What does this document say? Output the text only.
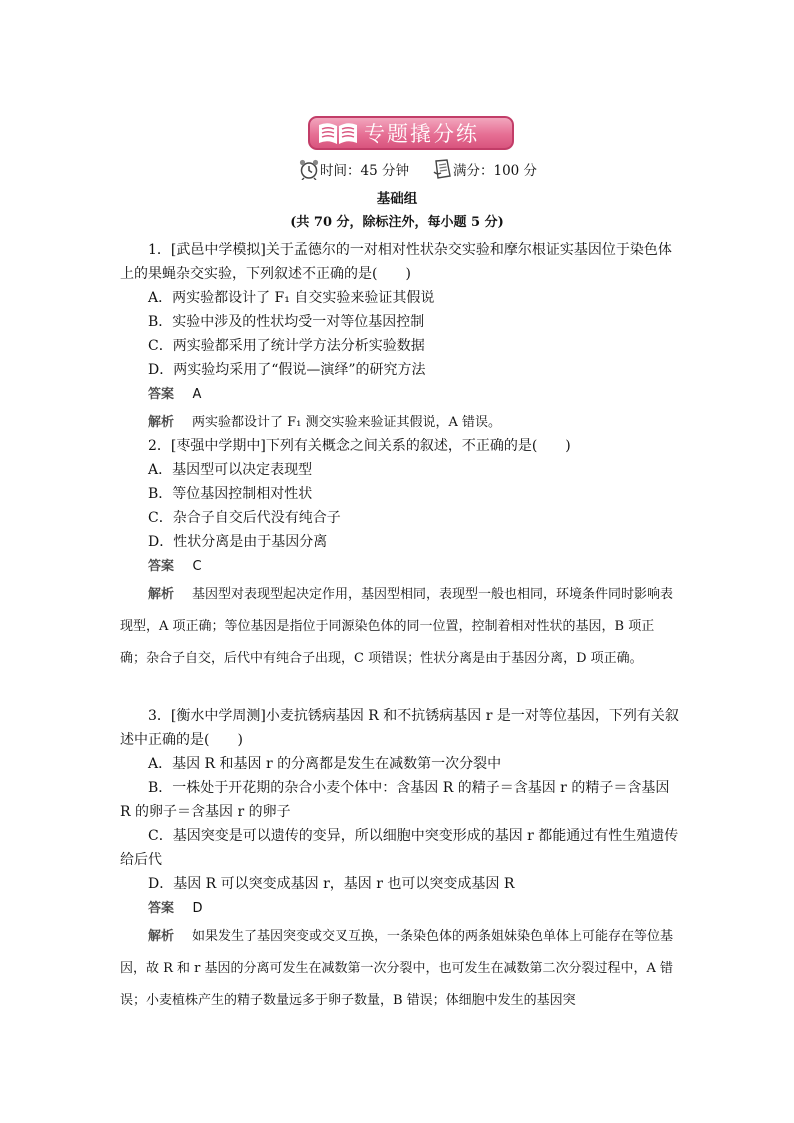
专题撬分练
时间：45 分钟	满分：100 分
基础组
(共 70 分，除标注外，每小题 5 分)
1．[武邑中学模拟]关于孟德尔的一对相对性状杂交实验和摩尔根证实基因位于染色体上的果蝇杂交实验，下列叙述不正确的是(　　)
A．两实验都设计了 F₁ 自交实验来验证其假说
B．实验中涉及的性状均受一对等位基因控制
C．两实验都采用了统计学方法分析实验数据
D．两实验均采用了“假说—演绎”的研究方法
答案 A
解析 两实验都设计了 F₁ 测交实验来验证其假说，A 错误。
2．[枣强中学期中]下列有关概念之间关系的叙述，不正确的是(　　)
A．基因型可以决定表现型
B．等位基因控制相对性状
C．杂合子自交后代没有纯合子
D．性状分离是由于基因分离
答案 C
解析 基因型对表现型起决定作用，基因型相同，表现型一般也相同，环境条件同时影响表现型，A 项正确；等位基因是指位于同源染色体的同一位置，控制着相对性状的基因，B 项正确；杂合子自交，后代中有纯合子出现，C 项错误；性状分离是由于基因分离，D 项正确。
3．[衡水中学周测]小麦抗锈病基因 R 和不抗锈病基因 r 是一对等位基因，下列有关叙述中正确的是(　　)
A．基因 R 和基因 r 的分离都是发生在减数第一次分裂中
B．一株处于开花期的杂合小麦个体中：含基因 R 的精子＝含基因 r 的精子＝含基因 R 的卵子＝含基因 r 的卵子
C．基因突变是可以遗传的变异，所以细胞中突变形成的基因 r 都能通过有性生殖遗传给后代
D．基因 R 可以突变成基因 r，基因 r 也可以突变成基因 R
答案 D
解析 如果发生了基因突变或交叉互换，一条染色体的两条姐妹染色单体上可能存在等位基因，故 R 和 r 基因的分离可发生在减数第一次分裂中，也可发生在减数第二次分裂过程中，A 错误；小麦植株产生的精子数量远多于卵子数量，B 错误；体细胞中发生的基因突
